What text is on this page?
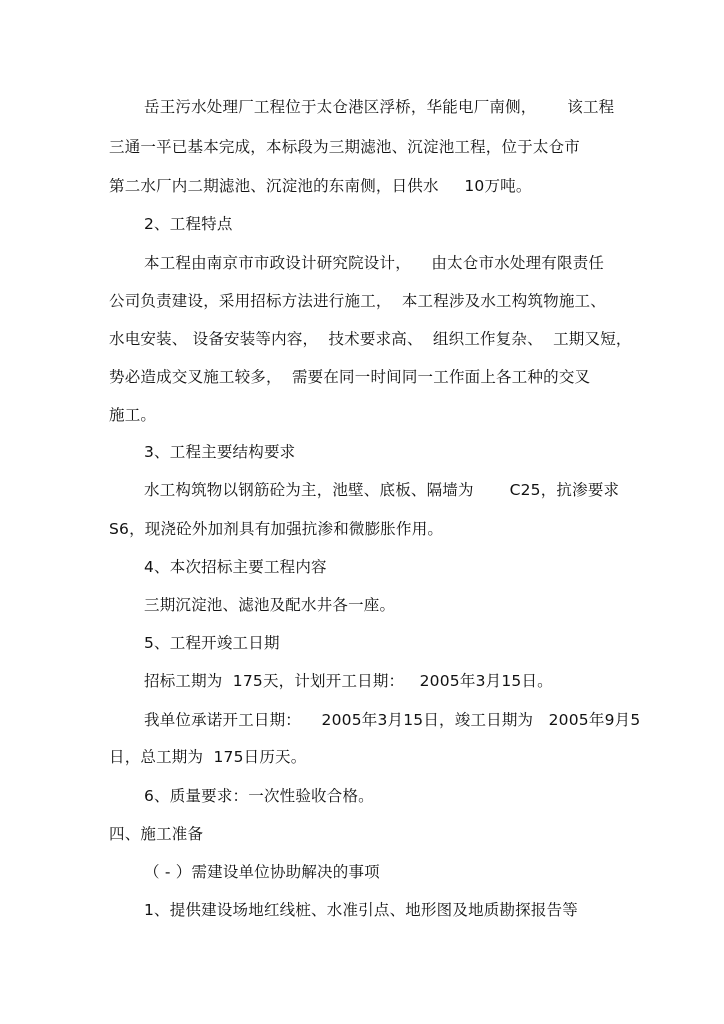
岳王污水处理厂工程位于太仓港区浮桥，华能电厂南侧，      该工程
三通一平已基本完成，本标段为三期滤池、沉淀池工程，位于太仓市
第二水厂内二期滤池、沉淀池的东南侧，日供水     10万吨。
2、工程特点
本工程由南京市市政设计研究院设计，    由太仓市水处理有限责任
公司负责建设，采用招标方法进行施工，  本工程涉及水工构筑物施工、
水电安装、 设备安装等内容，  技术要求高、  组织工作复杂、  工期又短，
势必造成交叉施工较多，  需要在同一时间同一工作面上各工种的交叉
施工。
3、工程主要结构要求
水工构筑物以钢筋砼为主，池壁、底板、隔墙为       C25，抗渗要求
S6，现浇砼外加剂具有加强抗渗和微膨胀作用。
4、本次招标主要工程内容
三期沉淀池、滤池及配水井各一座。
5、工程开竣工日期
招标工期为  175天，计划开工日期：   2005年3月15日。
我单位承诺开工日期：    2005年3月15日，竣工日期为   2005年9月5
日，总工期为  175日历天。
6、质量要求：一次性验收合格。
四、施工准备
（ - ）需建设单位协助解决的事项
1、提供建设场地红线桩、水准引点、地形图及地质勘探报告等
